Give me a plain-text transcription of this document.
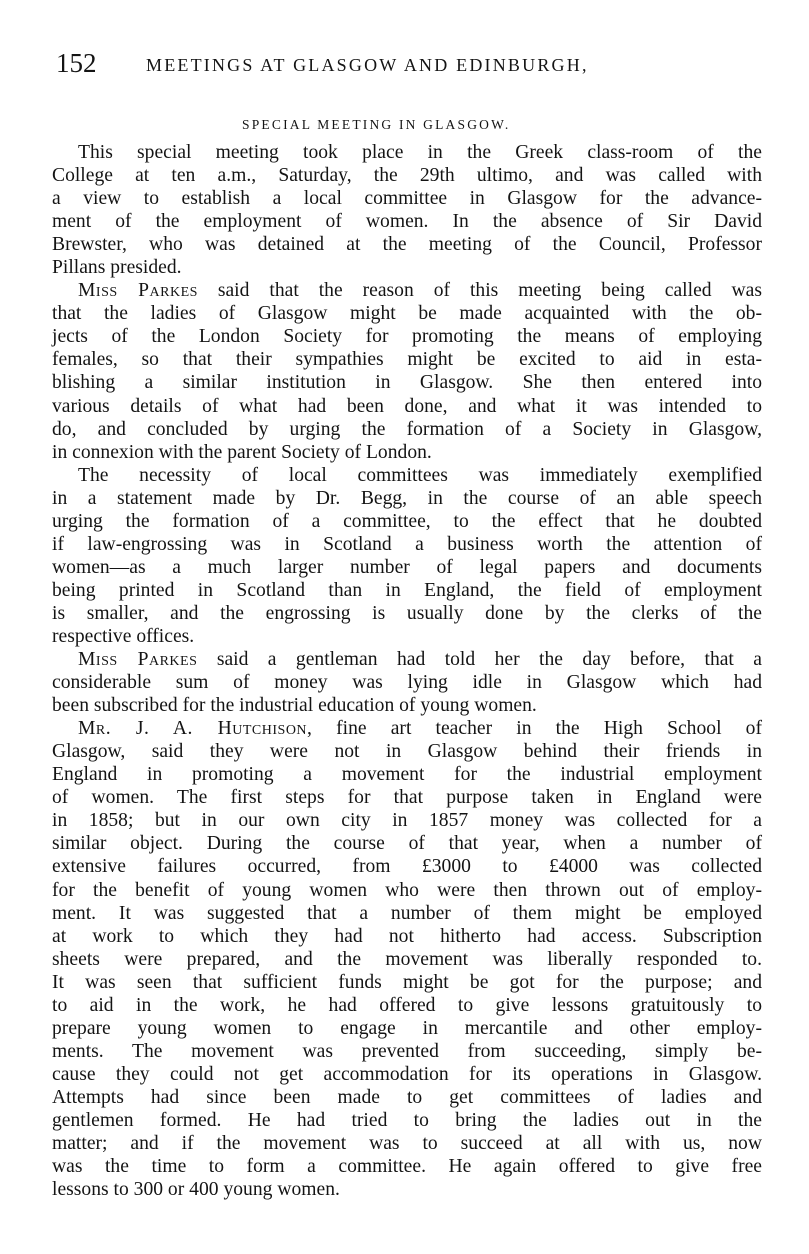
152	MEETINGS AT GLASGOW AND EDINBURGH,
SPECIAL MEETING IN GLASGOW.
This special meeting took place in the Greek class-room of the
College at ten a.m., Saturday, the 29th ultimo, and was called with
a view to establish a local committee in Glasgow for the advance-
ment of the employment of women. In the absence of Sir David
Brewster, who was detained at the meeting of the Council, Professor
Pillans presided.
Miss Parkes said that the reason of this meeting being called was
that the ladies of Glasgow might be made acquainted with the ob-
jects of the London Society for promoting the means of employing
females, so that their sympathies might be excited to aid in esta-
blishing a similar institution in Glasgow. She then entered into
various details of what had been done, and what it was intended to
do, and concluded by urging the formation of a Society in Glasgow,
in connexion with the parent Society of London.
The necessity of local committees was immediately exemplified
in a statement made by Dr. Begg, in the course of an able speech
urging the formation of a committee, to the effect that he doubted
if law-engrossing was in Scotland a business worth the attention of
women—as a much larger number of legal papers and documents
being printed in Scotland than in England, the field of employment
is smaller, and the engrossing is usually done by the clerks of the
respective offices.
Miss Parkes said a gentleman had told her the day before, that a
considerable sum of money was lying idle in Glasgow which had
been subscribed for the industrial education of young women.
Mr. J. A. Hutchison, fine art teacher in the High School of
Glasgow, said they were not in Glasgow behind their friends in
England in promoting a movement for the industrial employment
of women. The first steps for that purpose taken in England were
in 1858; but in our own city in 1857 money was collected for a
similar object. During the course of that year, when a number of
extensive failures occurred, from £3000 to £4000 was collected
for the benefit of young women who were then thrown out of employ-
ment. It was suggested that a number of them might be employed
at work to which they had not hitherto had access. Subscription
sheets were prepared, and the movement was liberally responded to.
It was seen that sufficient funds might be got for the purpose; and
to aid in the work, he had offered to give lessons gratuitously to
prepare young women to engage in mercantile and other employ-
ments. The movement was prevented from succeeding, simply be-
cause they could not get accommodation for its operations in Glasgow.
Attempts had since been made to get committees of ladies and
gentlemen formed. He had tried to bring the ladies out in the
matter; and if the movement was to succeed at all with us, now
was the time to form a committee. He again offered to give free
lessons to 300 or 400 young women.
